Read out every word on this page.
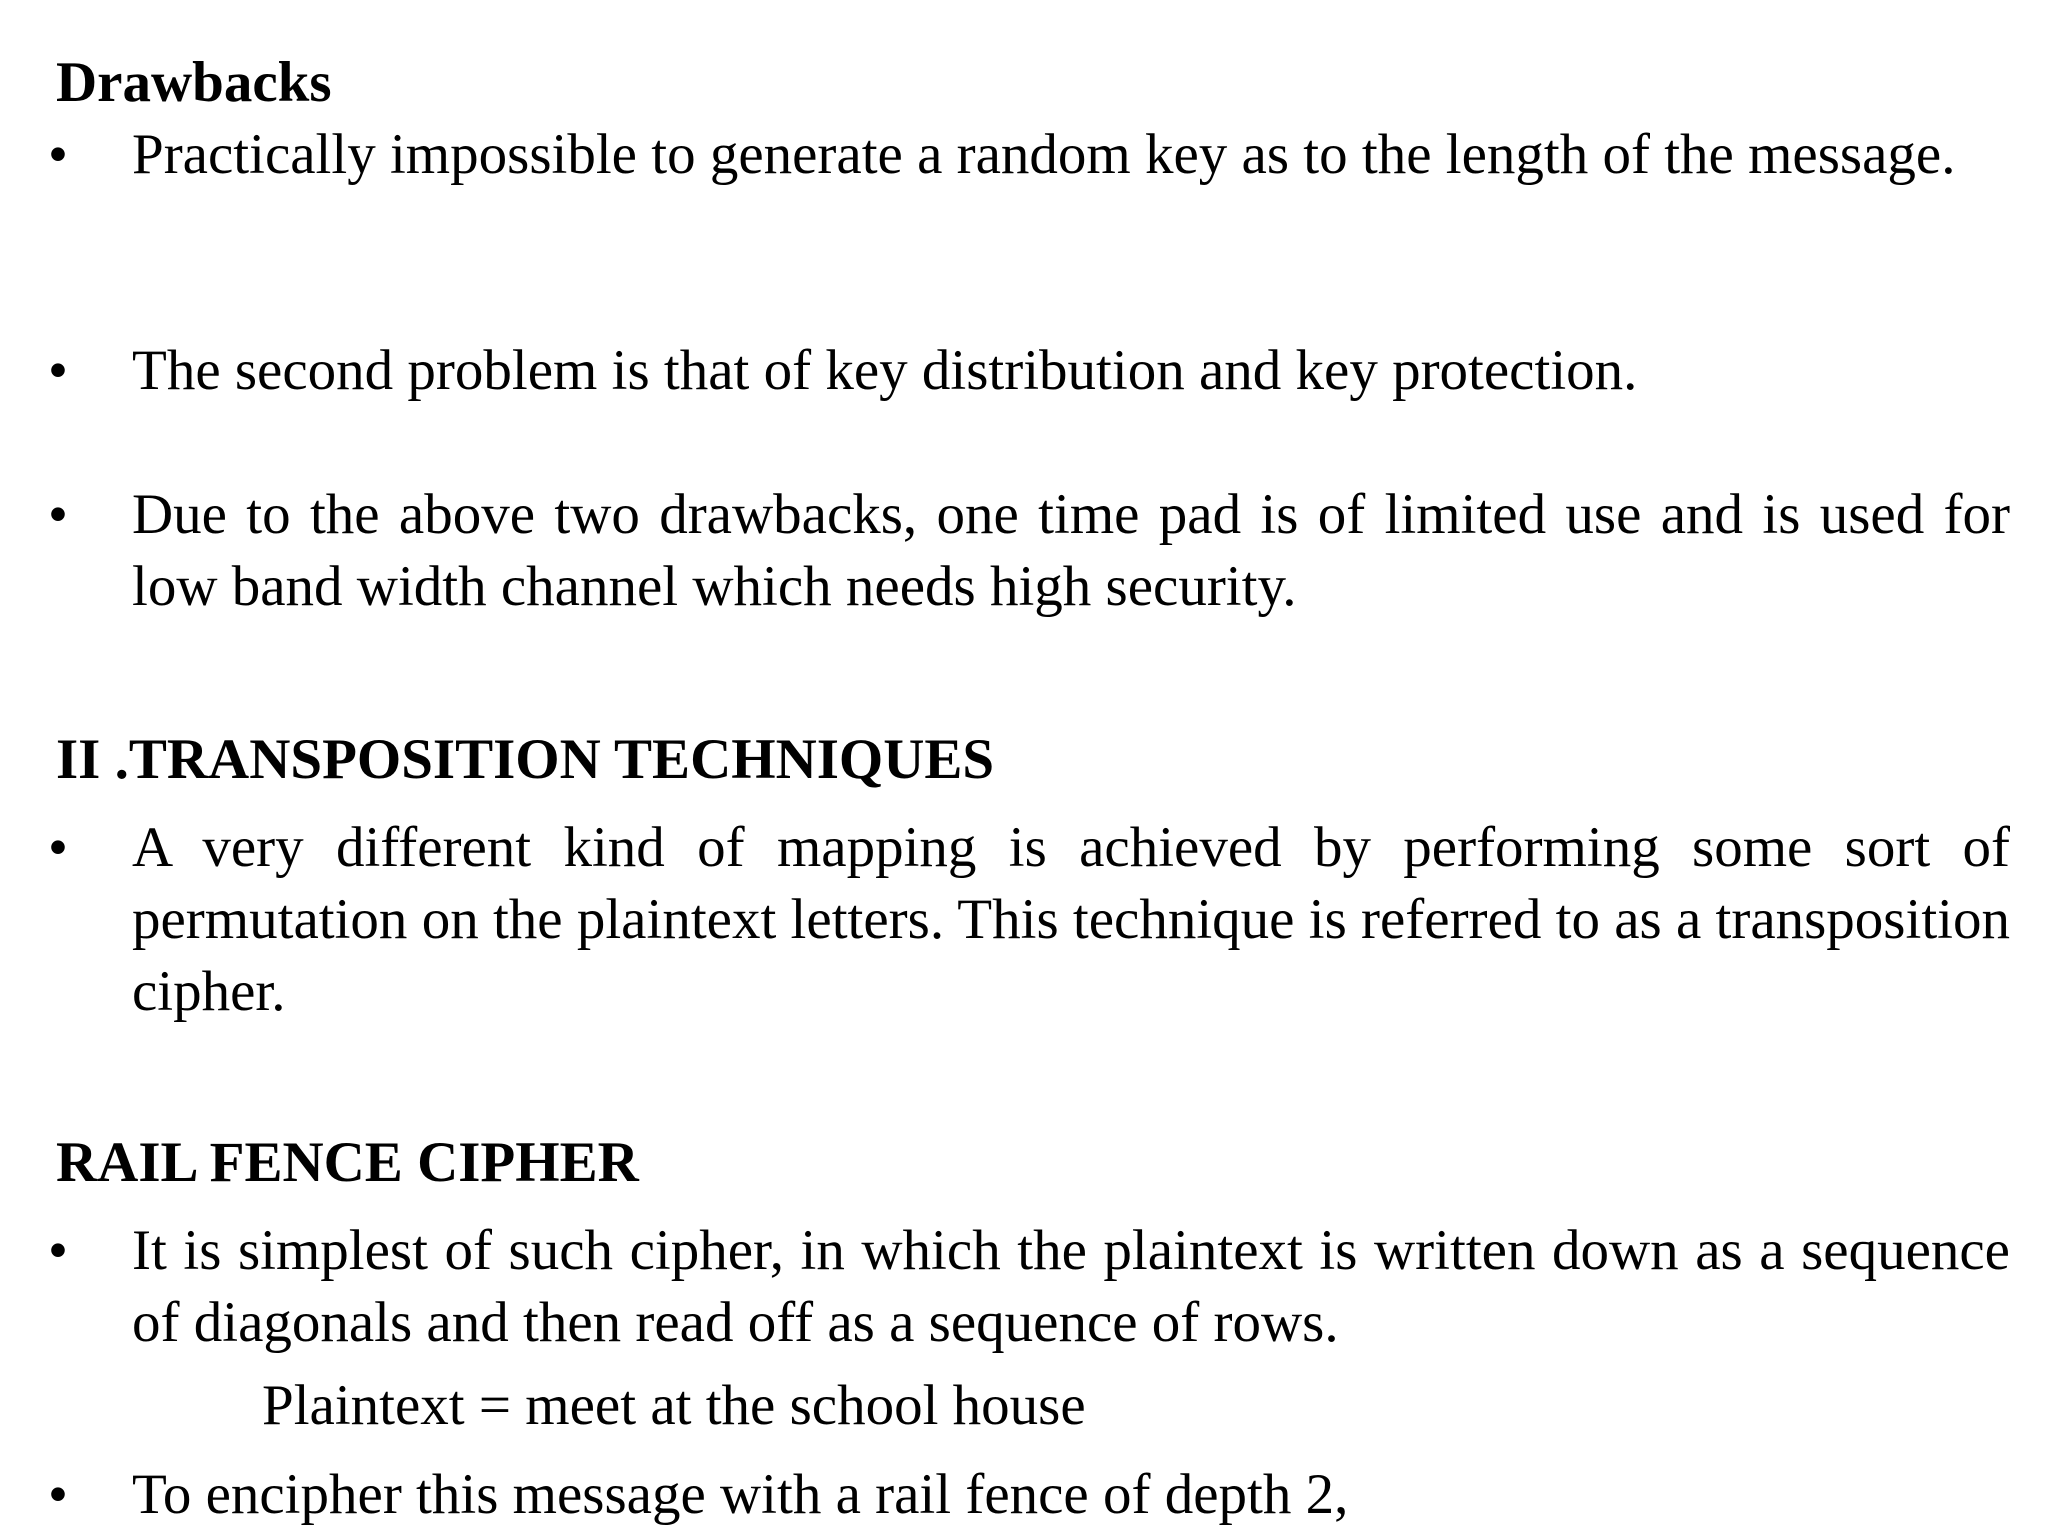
Drawbacks
• Practically impossible to generate a random key as to the length of the message.
• The second problem is that of key distribution and key protection.
• Due to the above two drawbacks, one time pad is of limited use and is used for low band width channel which needs high security.
II .TRANSPOSITION TECHNIQUES
• A very different kind of mapping is achieved by performing some sort of permutation on the plaintext letters. This technique is referred to as a transposition cipher.
RAIL FENCE CIPHER
• It is simplest of such cipher, in which the plaintext is written down as a sequence of diagonals and then read off as a sequence of rows.
Plaintext = meet at the school house
• To encipher this message with a rail fence of depth 2,
